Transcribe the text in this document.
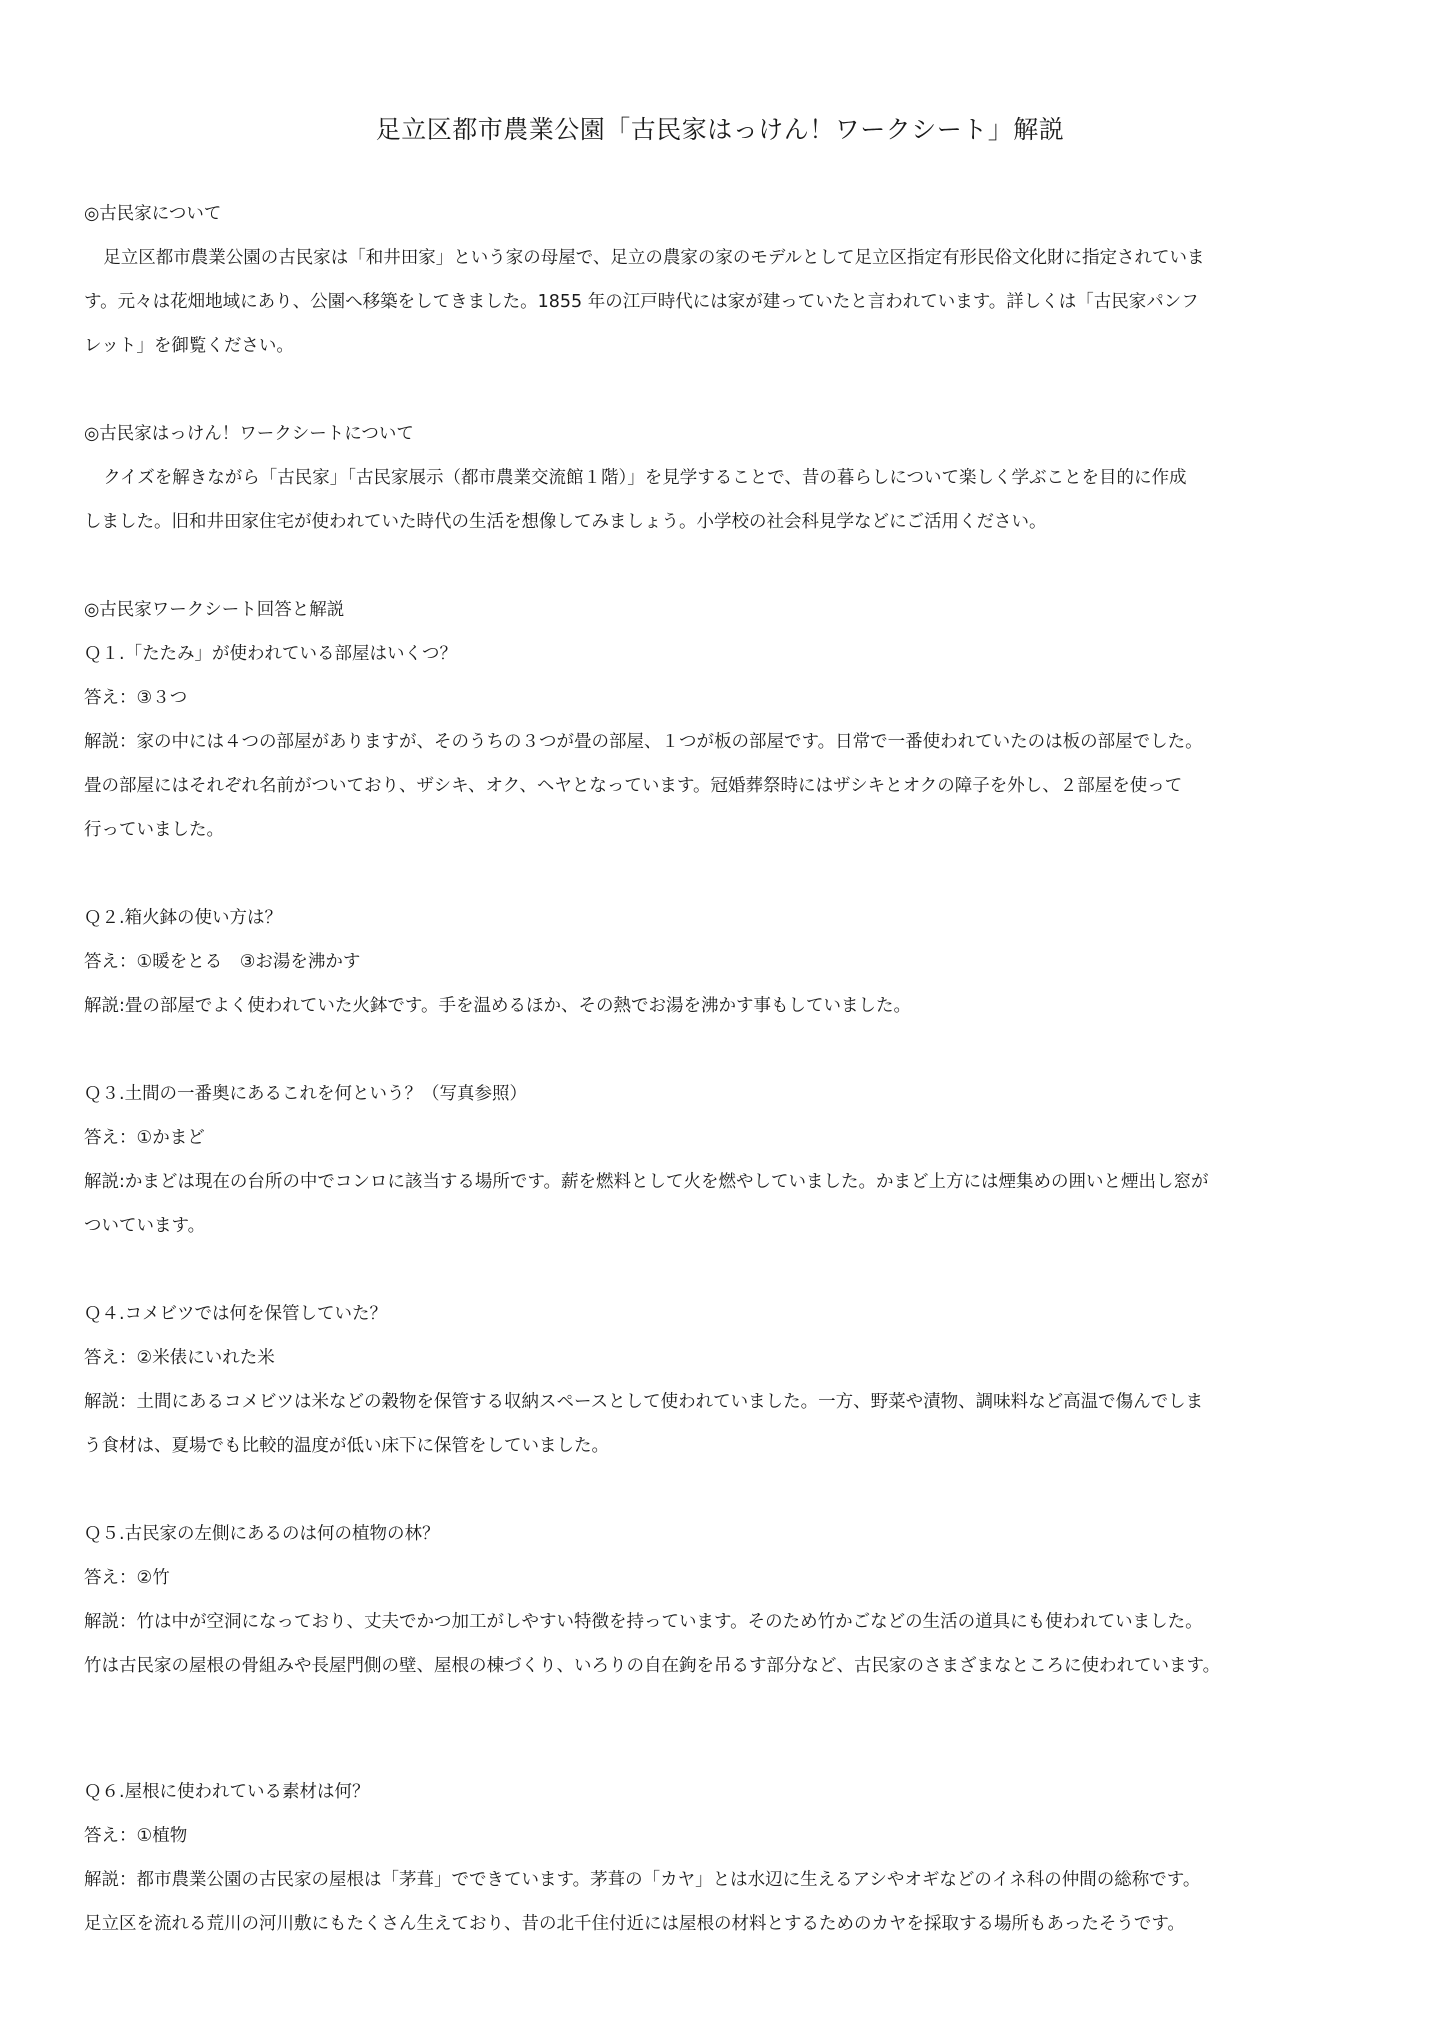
足立区都市農業公園「古民家はっけん！ワークシート」解説
◎古民家について
足立区都市農業公園の古民家は「和井田家」という家の母屋で、足立の農家の家のモデルとして足立区指定有形民俗文化財に指定されていま
す。元々は花畑地域にあり、公園へ移築をしてきました。1855 年の江戸時代には家が建っていたと言われています。詳しくは「古民家パンフ
レット」を御覧ください。
◎古民家はっけん！ワークシートについて
クイズを解きながら「古民家」「古民家展示（都市農業交流館１階）」を見学することで、昔の暮らしについて楽しく学ぶことを目的に作成
しました。旧和井田家住宅が使われていた時代の生活を想像してみましょう。小学校の社会科見学などにご活用ください。
◎古民家ワークシート回答と解説
Ｑ１.「たたみ」が使われている部屋はいくつ？
答え：③３つ
解説：家の中には４つの部屋がありますが、そのうちの３つが畳の部屋、１つが板の部屋です。日常で一番使われていたのは板の部屋でした。
畳の部屋にはそれぞれ名前がついており、ザシキ、オク、ヘヤとなっています。冠婚葬祭時にはザシキとオクの障子を外し、２部屋を使って
行っていました。
Ｑ２.箱火鉢の使い方は？
答え：①暖をとる　③お湯を沸かす
解説:畳の部屋でよく使われていた火鉢です。手を温めるほか、その熱でお湯を沸かす事もしていました。
Ｑ３.土間の一番奥にあるこれを何という？（写真参照）
答え：①かまど
解説:かまどは現在の台所の中でコンロに該当する場所です。薪を燃料として火を燃やしていました。かまど上方には煙集めの囲いと煙出し窓が
ついています。
Ｑ４.コメビツでは何を保管していた？
答え：②米俵にいれた米
解説：土間にあるコメビツは米などの穀物を保管する収納スペースとして使われていました。一方、野菜や漬物、調味料など高温で傷んでしま
う食材は、夏場でも比較的温度が低い床下に保管をしていました。
Ｑ５.古民家の左側にあるのは何の植物の林？
答え：②竹
解説：竹は中が空洞になっており、丈夫でかつ加工がしやすい特徴を持っています。そのため竹かごなどの生活の道具にも使われていました。
竹は古民家の屋根の骨組みや長屋門側の壁、屋根の棟づくり、いろりの自在鉤を吊るす部分など、古民家のさまざまなところに使われています。
Ｑ６.屋根に使われている素材は何？
答え：①植物
解説：都市農業公園の古民家の屋根は「茅葺」でできています。茅葺の「カヤ」とは水辺に生えるアシやオギなどのイネ科の仲間の総称です。
足立区を流れる荒川の河川敷にもたくさん生えており、昔の北千住付近には屋根の材料とするためのカヤを採取する場所もあったそうです。
